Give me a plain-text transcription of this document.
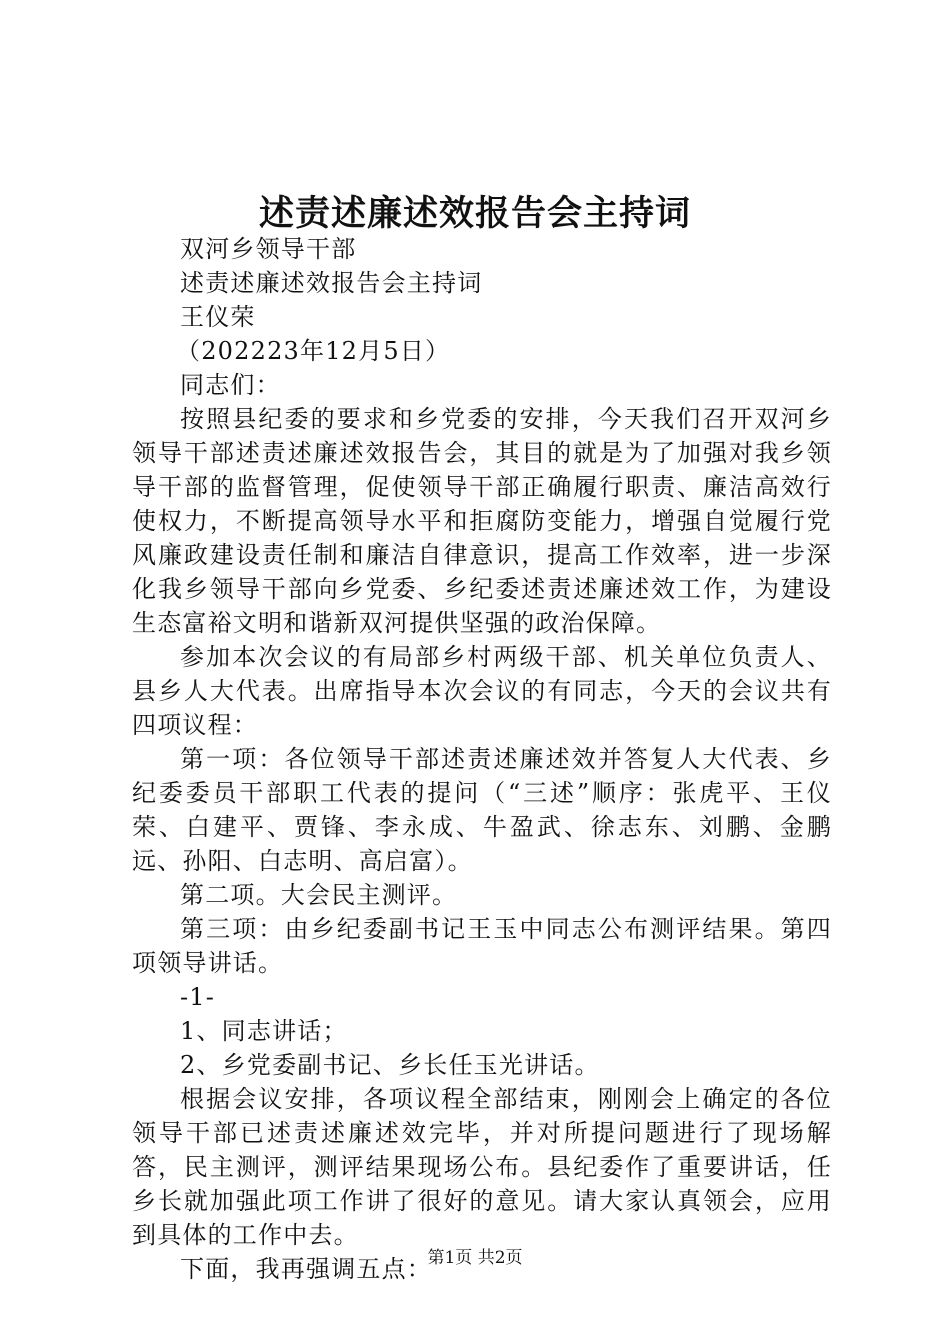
述责述廉述效报告会主持词

双河乡领导干部

述责述廉述效报告会主持词

王仪荣

（202223年12月5日）

同志们：

按照县纪委的要求和乡党委的安排，今天我们召开双河乡领导干部述责述廉述效报告会，其目的就是为了加强对我乡领导干部的监督管理，促使领导干部正确履行职责、廉洁高效行使权力，不断提高领导水平和拒腐防变能力，增强自觉履行党风廉政建设责任制和廉洁自律意识，提高工作效率，进一步深化我乡领导干部向乡党委、乡纪委述责述廉述效工作，为建设生态富裕文明和谐新双河提供坚强的政治保障。

参加本次会议的有局部乡村两级干部、机关单位负责人、县乡人大代表。出席指导本次会议的有同志，今天的会议共有四项议程：

第一项：各位领导干部述责述廉述效并答复人大代表、乡纪委委员干部职工代表的提问（“三述”顺序：张虎平、王仪荣、白建平、贾锋、李永成、牛盈武、徐志东、刘鹏、金鹏远、孙阳、白志明、高启富）。

第二项。大会民主测评。

第三项：由乡纪委副书记王玉中同志公布测评结果。第四项领导讲话。

-1-

1、同志讲话；

2、乡党委副书记、乡长任玉光讲话。

根据会议安排，各项议程全部结束，刚刚会上确定的各位领导干部已述责述廉述效完毕，并对所提问题进行了现场解答，民主测评，测评结果现场公布。县纪委作了重要讲话，任乡长就加强此项工作讲了很好的意见。请大家认真领会，应用到具体的工作中去。

下面，我再强调五点：

第1页 共2页
